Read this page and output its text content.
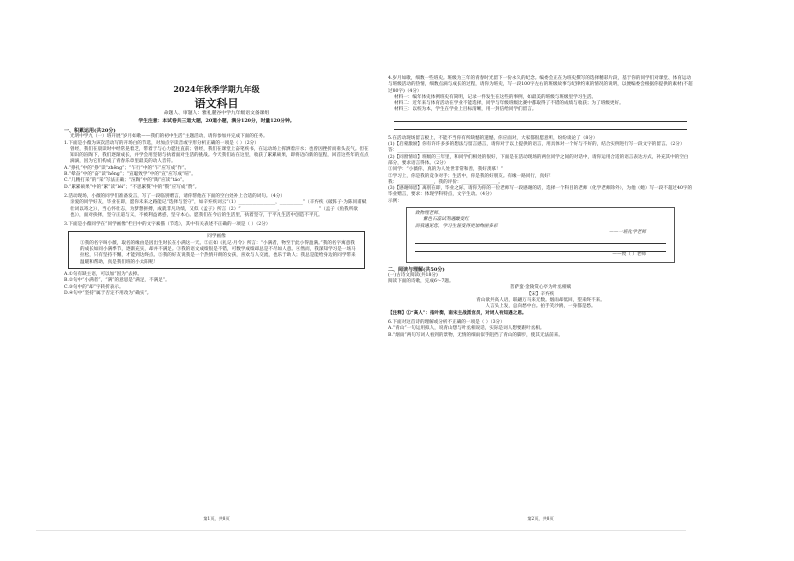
2024年秋季学期九年级
语文科目
命题人、审题人：雅礼麓谷中学九年级语文备课组
学生注意：本试卷共三道大题，20道小题，满分120分，时量120分钟。
一、积累运用(共20分)

光明中学九（一）班开展“岁月如歌——我们的初中生活”主题活动，请你参加并完成下面的任务。

1.下面是小薇为该次活动写的开场白的节选，对加点字读音或字形分析正确的一项是（ ）（2分）

曾经，我们在晨读时中经常晃着乏，带着于与心力愿往直前；曾经，我们在课堂上奋笔疾书，在运动场上挥洒着汗水；也曾因挫折而垂头丧气。但在知识的渲陶下，我们逐渐成长，并学会用坚韧与执着面对生活的挑战。今天我们站在这里，收获了累累硕果，即将迈向新的征程，回首这些年的点点滴滴，因为它们构成了青春乐章里最美的动人音符。

A.“挣扎”中的“挣”读“zhēng”；“乍行”中的“乍”应写成“作”。

B.“晕奋”中的“奋”读“hēng”；“宣聪致学”中的“宣”应写成“喧”。

C.“几精打采”的“采”写法正确；“渲陶”中的“陶”应读“táo”。

D.“累累硕果”中的“累”读“léi”；“不思累赘”中的“赘”应写成“赞”。

2.活动现场，小薇的同学们准备发言，写了一段临别赠言，请你帮他在下面的空白处补上合适的词句。（4分）

亲爱的同学好友，毕业在即，愿你未来之路能记“选择与坚守”，如辛弃疾词云“（1）________________，__________”（辛弃疾《破阵子·为陈同甫赋壮词以寄之》），当心怀壮志，为梦想拼搏，成就非凡功绩，又似《孟子》所言（2）“________________，________________”（孟子《鱼我所欲也》），面对抉择，坚守正道与义，不被利益诱惑，坚守本心。愿我们在今后的生活里，执着坚守，于平凡生活中创造不平凡。

3.下面是小薇同学在“同学画像”栏目中的文字素描（节选），其中有关表述不正确的一项是（ ）（2分）

同学画像

①我的名字叫小薇，取名的缘由是因出生时长在小满这一天。②正如《礼记·月令》所言：“小满者，物至于此小得盈满。”我的名字寓意我的成长如同小满季节，逐渐充实，却并不满足。③我的语文成绩很是不错，可数学成绩却总是不尽如人意。④然而，我深知学习是一场马拉松，只有坚持不懈，才能到达终点。⑤我的好友说我是一个热情开朗的女孩，喜欢与人交流，也乐于助人；我总是能给身边的同学带来温暖和帮助，真是我们班的小太阳呢！

A.①句有缺主语，可以加“因为”去掉。

B.②句中“小满者”，“满”的意思是“满足，不满足”。

C.③句中的“却”字转折表示。

D.④句中“坚持”属于否定不用改为“确实”。

第1页，共8页

4.岁月如歌，细数一些班史。班级为三年的青春时光留下一份永久的纪念。编委会正在为班史撰写的选择精彩片段，基于你的同学们对课堂、体育运动与班级活动的热情，细数点滴与成长的过程，请你为班史，写一段100字左右的班级故事与纪律约束的情况的说明，以便编委会根据你提供的素材(不超过80字)（4分）

材料一：编年体史体例班史有简明，记录一件发生在这些的事例，如最美的班级与班级里学习生活。

材料二：近年来与体育活动在学业不能选择，同学与年级班级比赛中都取得了不错的成绩与收获；为了班级更好。

材料三：以校为本，学生在学业上目标清晰，用一封信给同学们留言。

5.在活动现场留言板上，不能不当你有所缺憾的遗憾，你应面对，大家都很愿意听，纷纷谈论了（8分）

(1)【启蒙激励】你有许许多多的想法与留言感言，请你对于以上提供的语言，用具体对一个好与不好的，结合实例进行写一段文字的留言。（2分）

答：________________________________

(2)【同窗情谊】班级的三年里，和同学们相处的很好，下面是在活动现场的两位同学之间的对话中，请你运用合适的语言表达方式，补充其中的空白部分，要求语言得体。（2分）

①同学：“小薇你，真的为人处世非常和善，我好羡慕！”

②学习上，你是我的竞争对手；生活中，你是我的好朋友。有缘一路同行，真好！

我：________________，我的评价：________________。

(3)【感谢师恩】离别在即，毕业之际，请你为你的一位老师写一段感谢的话，选择一个科目的老师（化学老师除外），为他（她）写一段不超过40字的毕业赠言，要求：体现学科特点，文字生动。（4分）

示例：

致物理老师、
紫色石蕊试剂遇酸变红
而我遇见您，学习生涯变得更加绚丽多彩
——一班化学老师
——致（ ）老师
二、阅读与理解(共50分)

(一)古诗文阅读(共18分)

阅读下面的诗歌，完成6～7题。

菩萨蛮·金陵赏心亭为叶丞相赋

【宋】辛弃疾

青山欲共高人语，联翩万马来无数。烟雨却低回，望来终不来。

人言头上发，总向愁中白。拍手笑沙鸥，一身都是愁。

【注释】①“高人”：指叶衡，南宋主战派官员，对词人有知遇之恩。

6.下面对这首诗的理解或分析不正确的一项是（ ）（3分）

A.“青山”一句运用拟人，说青山想与叶丞相说话，实际是词人想要跟叶丞相。

B.“烟雨”两句写词人看到的景物，无情的细雨似乎阻挡了青山的脚步，使其无法前来。

第2页，共8页
